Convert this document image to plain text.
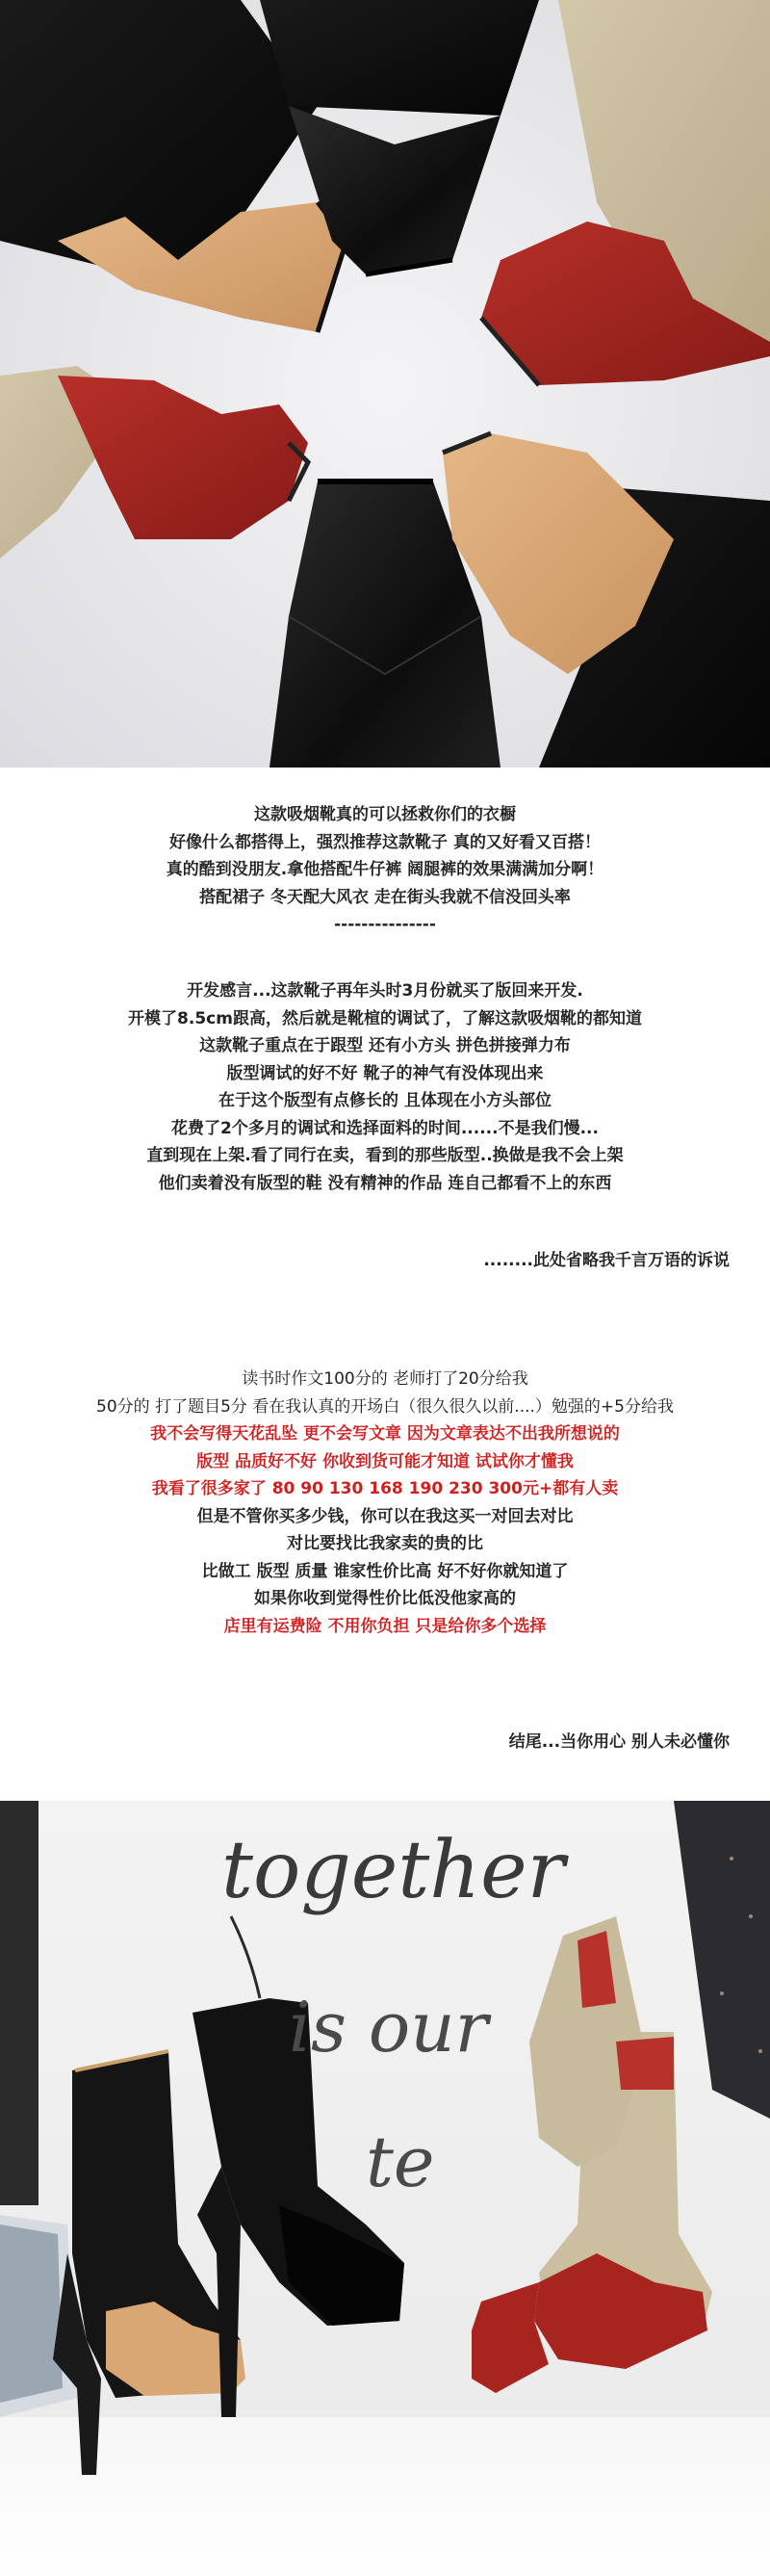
这款吸烟靴真的可以拯救你们的衣橱
好像什么都搭得上，强烈推荐这款靴子 真的又好看又百搭！
真的酷到没朋友.拿他搭配牛仔裤 阔腿裤的效果满满加分啊！
搭配裙子 冬天配大风衣 走在街头我就不信没回头率
---------------
开发感言...这款靴子再年头时3月份就买了版回来开发.
开模了8.5cm跟高，然后就是靴楦的调试了，了解这款吸烟靴的都知道
这款靴子重点在于跟型 还有小方头 拼色拼接弹力布
版型调试的好不好 靴子的神气有没体现出来
在于这个版型有点修长的 且体现在小方头部位
花费了2个多月的调试和选择面料的时间......不是我们慢...
直到现在上架.看了同行在卖，看到的那些版型..换做是我不会上架
他们卖着没有版型的鞋 没有精神的作品 连自己都看不上的东西
........此处省略我千言万语的诉说
读书时作文100分的 老师打了20分给我
50分的 打了题目5分 看在我认真的开场白（很久很久以前....）勉强的+5分给我
我不会写得天花乱坠 更不会写文章 因为文章表达不出我所想说的
版型 品质好不好 你收到货可能才知道 试试你才懂我
我看了很多家了 80 90 130 168 190 230 300元+都有人卖
但是不管你买多少钱，你可以在我这买一对回去对比
对比要找比我家卖的贵的比
比做工 版型 质量 谁家性价比高 好不好你就知道了
如果你收到觉得性价比低没他家高的
店里有运费险 不用你负担 只是给你多个选择
结尾...当你用心 别人未必懂你
together
is our
te
